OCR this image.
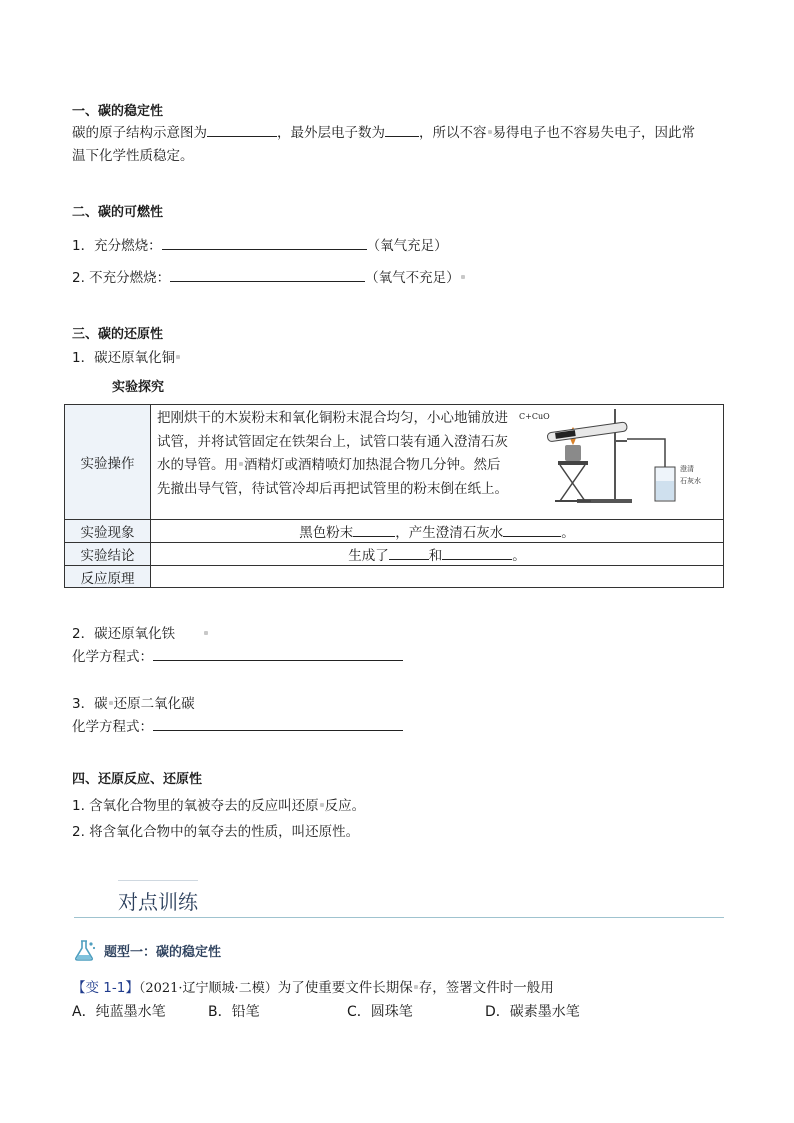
一、碳的稳定性
碳的原子结构示意图为	，最外层电子数为	，所以不容 易得电子也不容易失电子，因此常
温下化学性质稳定。
二、碳的可燃性
1．充分燃烧：	（氧气充足）
2. 不充分燃烧：	（氧气不充足）
三、碳的还原性
1．碳还原氧化铜
实验探究
实验操作	把刚烘干的木炭粉末和氧化铜粉末混合均匀，小心地铺放进试管，并将试管固定在铁架台上，试管口装有通入澄清石灰水的导管。用 酒精灯或酒精喷灯加热混合物几分钟。然后先撤出导气管，待试管冷却后再把试管里的粉末倒在纸上。
C+CuO
澄清
石灰水

实验现象	黑色粉末 ，产生澄清石灰水 。
实验结论	生成了 和 。
反应原理	
2．碳还原氧化铁
化学方程式：
3．碳 还原二氧化碳
化学方程式：
四、还原反应、还原性
1. 含氧化合物里的氧被夺去的反应叫还原 反应。
2. 将含氧化合物中的氧夺去的性质，叫还原性。
对点训练
题型一：碳的稳定性
【变 1-1】（2021·辽宁顺城·二模）为了使重要文件长期保 存，签署文件时一般用
A．纯蓝墨水笔	B．铅笔	C．圆珠笔	D．碳素墨水笔
